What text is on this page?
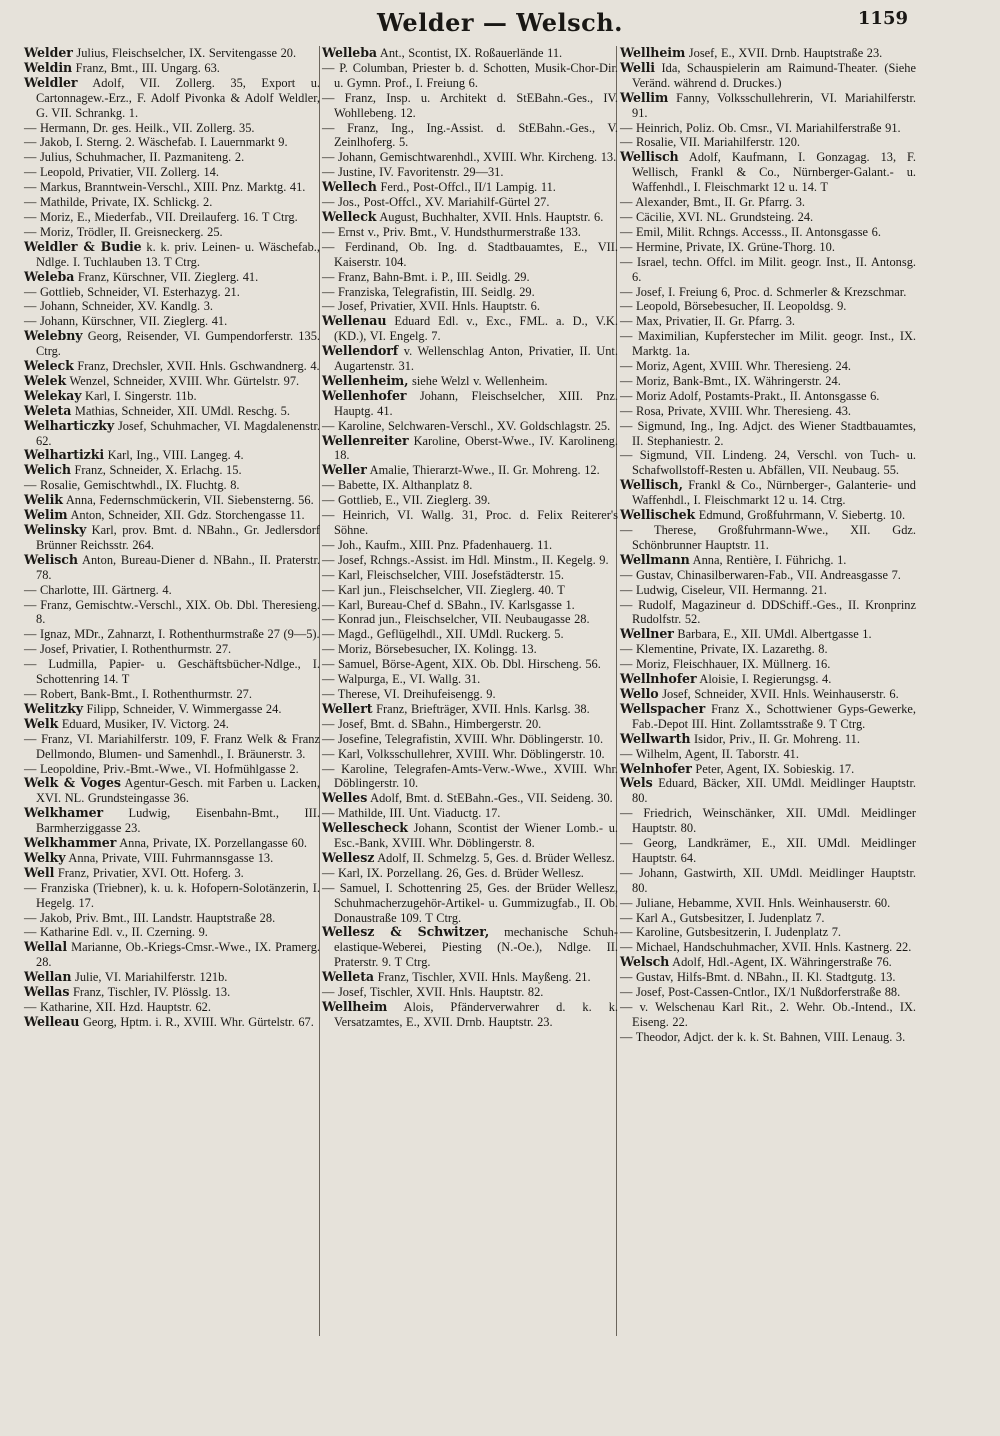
Welder — Welsch.	1159

Welder Julius, Fleischselcher, IX. Servitengasse 20.

Weldin Franz, Bmt., III. Ungarg. 63.

Weldler Adolf, VII. Zollerg. 35, Export u. Cartonnagew.-Erz., F. Adolf Pivonka & Adolf Weldler, G. VII. Schrankg. 1.

— Hermann, Dr. ges. Heilk., VII. Zollerg. 35.

— Jakob, I. Sterng. 2. Wäschefab. I. Lauernmarkt 9.

— Julius, Schuhmacher, II. Pazmaniteng. 2.

— Leopold, Privatier, VII. Zollerg. 14.

— Markus, Branntwein-Verschl., XIII. Pnz. Marktg. 41.

— Mathilde, Private, IX. Schlickg. 2.

— Moriz, E., Miederfab., VII. Dreilauferg. 16. T Ctrg.

— Moriz, Trödler, II. Greisneckerg. 25.

Weldler & Budie k. k. priv. Leinen- u. Wäschefab., Ndlge. I. Tuchlauben 13. T Ctrg.

Weleba Franz, Kürschner, VII. Zieglerg. 41.

— Gottlieb, Schneider, VI. Esterhazyg. 21.

— Johann, Schneider, XV. Kandlg. 3.

— Johann, Kürschner, VII. Zieglerg. 41.

Welebny Georg, Reisender, VI. Gumpendorferstr. 135. Ctrg.

Weleck Franz, Drechsler, XVII. Hnls. Gschwandnerg. 4.

Welek Wenzel, Schneider, XVIII. Whr. Gürtelstr. 97.

Welekay Karl, I. Singerstr. 11b.

Weleta Mathias, Schneider, XII. UMdl. Reschg. 5.

Welharticzky Josef, Schuhmacher, VI. Magdalenenstr. 62.

Welhartizki Karl, Ing., VIII. Langeg. 4.

Welich Franz, Schneider, X. Erlachg. 15.

— Rosalie, Gemischtwhdl., IX. Fluchtg. 8.

Welik Anna, Federnschmückerin, VII. Siebensterng. 56.

Welim Anton, Schneider, XII. Gdz. Storchengasse 11.

Welinsky Karl, prov. Bmt. d. NBahn., Gr. Jedlersdorf Brünner Reichsstr. 264.

Welisch Anton, Bureau-Diener d. NBahn., II. Praterstr. 78.

— Charlotte, III. Gärtnerg. 4.

— Franz, Gemischtw.-Verschl., XIX. Ob. Dbl. Theresieng. 8.

— Ignaz, MDr., Zahnarzt, I. Rothenthurmstraße 27 (9—5).

— Josef, Privatier, I. Rothenthurmstr. 27.

— Ludmilla, Papier- u. Geschäftsbücher-Ndlge., I. Schottenring 14. T

— Robert, Bank-Bmt., I. Rothenthurmstr. 27.

Welitzky Filipp, Schneider, V. Wimmergasse 24.

Welk Eduard, Musiker, IV. Victorg. 24.

— Franz, VI. Mariahilferstr. 109, F. Franz Welk & Franz Dellmondo, Blumen- und Samenhdl., I. Bräunerstr. 3.

— Leopoldine, Priv.-Bmt.-Wwe., VI. Hofmühlgasse 2.

Welk & Voges Agentur-Gesch. mit Farben u. Lacken, XVI. NL. Grundsteingasse 36.

Welkhamer Ludwig, Eisenbahn-Bmt., III. Barmherziggasse 23.

Welkhammer Anna, Private, IX. Porzellangasse 60.

Welky Anna, Private, VIII. Fuhrmannsgasse 13.

Well Franz, Privatier, XVI. Ott. Hoferg. 3.

— Franziska (Triebner), k. u. k. Hofopern-Solotänzerin, I. Hegelg. 17.

— Jakob, Priv. Bmt., III. Landstr. Hauptstraße 28.

— Katharine Edl. v., II. Czerning. 9.

Wellal Marianne, Ob.-Kriegs-Cmsr.-Wwe., IX. Pramerg. 28.

Wellan Julie, VI. Mariahilferstr. 121b.

Wellas Franz, Tischler, IV. Plösslg. 13.

— Katharine, XII. Hzd. Hauptstr. 62.

Welleau Georg, Hptm. i. R., XVIII. Whr. Gürtelstr. 67.

Welleba Ant., Scontist, IX. Roßauerlände 11.

— P. Columban, Priester b. d. Schotten, Musik-Chor-Dir. u. Gymn. Prof., I. Freiung 6.

— Franz, Insp. u. Architekt d. StEBahn.-Ges., IV. Wohllebeng. 12.

— Franz, Ing., Ing.-Assist. d. StEBahn.-Ges., V. Zeinlhoferg. 5.

— Johann, Gemischtwarenhdl., XVIII. Whr. Kircheng. 13.

— Justine, IV. Favoritenstr. 29—31.

Wellech Ferd., Post-Offcl., II/1 Lampig. 11.

— Jos., Post-Offcl., XV. Mariahilf-Gürtel 27.

Welleck August, Buchhalter, XVII. Hnls. Hauptstr. 6.

— Ernst v., Priv. Bmt., V. Hundsthurmerstraße 133.

— Ferdinand, Ob. Ing. d. Stadtbauamtes, E., VII. Kaiserstr. 104.

— Franz, Bahn-Bmt. i. P., III. Seidlg. 29.

— Franziska, Telegrafistin, III. Seidlg. 29.

— Josef, Privatier, XVII. Hnls. Hauptstr. 6.

Wellenau Eduard Edl. v., Exc., FML. a. D., V.K. (KD.), VI. Engelg. 7.

Wellendorf v. Wellenschlag Anton, Privatier, II. Unt. Augartenstr. 31.

Wellenheim, siehe Welzl v. Wellenheim.

Wellenhofer Johann, Fleischselcher, XIII. Pnz. Hauptg. 41.

— Karoline, Selchwaren-Verschl., XV. Goldschlagstr. 25.

Wellenreiter Karoline, Oberst-Wwe., IV. Karolineng. 18.

Weller Amalie, Thierarzt-Wwe., II. Gr. Mohreng. 12.

— Babette, IX. Althanplatz 8.

— Gottlieb, E., VII. Zieglerg. 39.

— Heinrich, VI. Wallg. 31, Proc. d. Felix Reiterer's Söhne.

— Joh., Kaufm., XIII. Pnz. Pfadenhauerg. 11.

— Josef, Rchngs.-Assist. im Hdl. Minstm., II. Kegelg. 9.

— Karl, Fleischselcher, VIII. Josefstädterstr. 15.

— Karl jun., Fleischselcher, VII. Zieglerg. 40. T

— Karl, Bureau-Chef d. SBahn., IV. Karlsgasse 1.

— Konrad jun., Fleischselcher, VII. Neubaugasse 28.

— Magd., Geflügelhdl., XII. UMdl. Ruckerg. 5.

— Moriz, Börsebesucher, IX. Kolingg. 13.

— Samuel, Börse-Agent, XIX. Ob. Dbl. Hirscheng. 56.

— Walpurga, E., VI. Wallg. 31.

— Therese, VI. Dreihufeisengg. 9.

Wellert Franz, Briefträger, XVII. Hnls. Karlsg. 38.

— Josef, Bmt. d. SBahn., Himbergerstr. 20.

— Josefine, Telegrafistin, XVIII. Whr. Döblingerstr. 10.

— Karl, Volksschullehrer, XVIII. Whr. Döblingerstr. 10.

— Karoline, Telegrafen-Amts-Verw.-Wwe., XVIII. Whr. Döblingerstr. 10.

Welles Adolf, Bmt. d. StEBahn.-Ges., VII. Seideng. 30.

— Mathilde, III. Unt. Viaductg. 17.

Wellescheck Johann, Scontist der Wiener Lomb.- u. Esc.-Bank, XVIII. Whr. Döblingerstr. 8.

Wellesz Adolf, II. Schmelzg. 5, Ges. d. Brüder Wellesz.

— Karl, IX. Porzellang. 26, Ges. d. Brüder Wellesz.

— Samuel, I. Schottenring 25, Ges. der Brüder Wellesz, Schuhmacherzugehör-Artikel- u. Gummizugfab., II. Ob. Donaustraße 109. T Ctrg.

Wellesz & Schwitzer, mechanische Schuh-elastique-Weberei, Piesting (N.-Oe.), Ndlge. II. Praterstr. 9. T Ctrg.

Welleta Franz, Tischler, XVII. Hnls. Mayßeng. 21.

— Josef, Tischler, XVII. Hnls. Hauptstr. 82.

Wellheim Alois, Pfänderverwahrer d. k. k. Versatzamtes, E., XVII. Drnb. Hauptstr. 23.

Wellheim Josef, E., XVII. Drnb. Hauptstraße 23.

Welli Ida, Schauspielerin am Raimund-Theater. (Siehe Veränd. während d. Druckes.)

Wellim Fanny, Volksschullehrerin, VI. Mariahilferstr. 91.

— Heinrich, Poliz. Ob. Cmsr., VI. Mariahilferstraße 91.

— Rosalie, VII. Mariahilferstr. 120.

Wellisch Adolf, Kaufmann, I. Gonzagag. 13, F. Wellisch, Frankl & Co., Nürnberger-Galant.- u. Waffenhdl., I. Fleischmarkt 12 u. 14. T

— Alexander, Bmt., II. Gr. Pfarrg. 3.

— Cäcilie, XVI. NL. Grundsteing. 24.

— Emil, Milit. Rchngs. Accesss., II. Antonsgasse 6.

— Hermine, Private, IX. Grüne-Thorg. 10.

— Israel, techn. Offcl. im Milit. geogr. Inst., II. Antonsg. 6.

— Josef, I. Freiung 6, Proc. d. Schmerler & Krezschmar.

— Leopold, Börsebesucher, II. Leopoldsg. 9.

— Max, Privatier, II. Gr. Pfarrg. 3.

— Maximilian, Kupferstecher im Milit. geogr. Inst., IX. Marktg. 1a.

— Moriz, Agent, XVIII. Whr. Theresieng. 24.

— Moriz, Bank-Bmt., IX. Währingerstr. 24.

— Moriz Adolf, Postamts-Prakt., II. Antonsgasse 6.

— Rosa, Private, XVIII. Whr. Theresieng. 43.

— Sigmund, Ing., Ing. Adjct. des Wiener Stadtbauamtes, II. Stephaniestr. 2.

— Sigmund, VII. Lindeng. 24, Verschl. von Tuch- u. Schafwollstoff-Resten u. Abfällen, VII. Neubaug. 55.

Wellisch, Frankl & Co., Nürnberger-, Galanterie- und Waffenhdl., I. Fleischmarkt 12 u. 14. Ctrg.

Wellischek Edmund, Großfuhrmann, V. Siebertg. 10.

— Therese, Großfuhrmann-Wwe., XII. Gdz. Schönbrunner Hauptstr. 11.

Wellmann Anna, Rentière, I. Führichg. 1.

— Gustav, Chinasilberwaren-Fab., VII. Andreasgasse 7.

— Ludwig, Ciseleur, VII. Hermanng. 21.

— Rudolf, Magazineur d. DDSchiff.-Ges., II. Kronprinz Rudolfstr. 52.

Wellner Barbara, E., XII. UMdl. Albertgasse 1.

— Klementine, Private, IX. Lazarethg. 8.

— Moriz, Fleischhauer, IX. Müllnerg. 16.

Wellnhofer Aloisie, I. Regierungsg. 4.

Wello Josef, Schneider, XVII. Hnls. Weinhauserstr. 6.

Wellspacher Franz X., Schottwiener Gyps-Gewerke, Fab.-Depot III. Hint. Zollamtsstraße 9. T Ctrg.

Wellwarth Isidor, Priv., II. Gr. Mohreng. 11.

— Wilhelm, Agent, II. Taborstr. 41.

Welnhofer Peter, Agent, IX. Sobieskig. 17.

Wels Eduard, Bäcker, XII. UMdl. Meidlinger Hauptstr. 80.

— Friedrich, Weinschänker, XII. UMdl. Meidlinger Hauptstr. 80.

— Georg, Landkrämer, E., XII. UMdl. Meidlinger Hauptstr. 64.

— Johann, Gastwirth, XII. UMdl. Meidlinger Hauptstr. 80.

— Juliane, Hebamme, XVII. Hnls. Weinhauserstr. 60.

— Karl A., Gutsbesitzer, I. Judenplatz 7.

— Karoline, Gutsbesitzerin, I. Judenplatz 7.

— Michael, Handschuhmacher, XVII. Hnls. Kastnerg. 22.

Welsch Adolf, Hdl.-Agent, IX. Währingerstraße 76.

— Gustav, Hilfs-Bmt. d. NBahn., II. Kl. Stadtgutg. 13.

— Josef, Post-Cassen-Cntlor., IX/1 Nußdorferstraße 88.

— v. Welschenau Karl Rit., 2. Wehr. Ob.-Intend., IX. Eiseng. 22.

— Theodor, Adjct. der k. k. St. Bahnen, VIII. Lenaug. 3.
